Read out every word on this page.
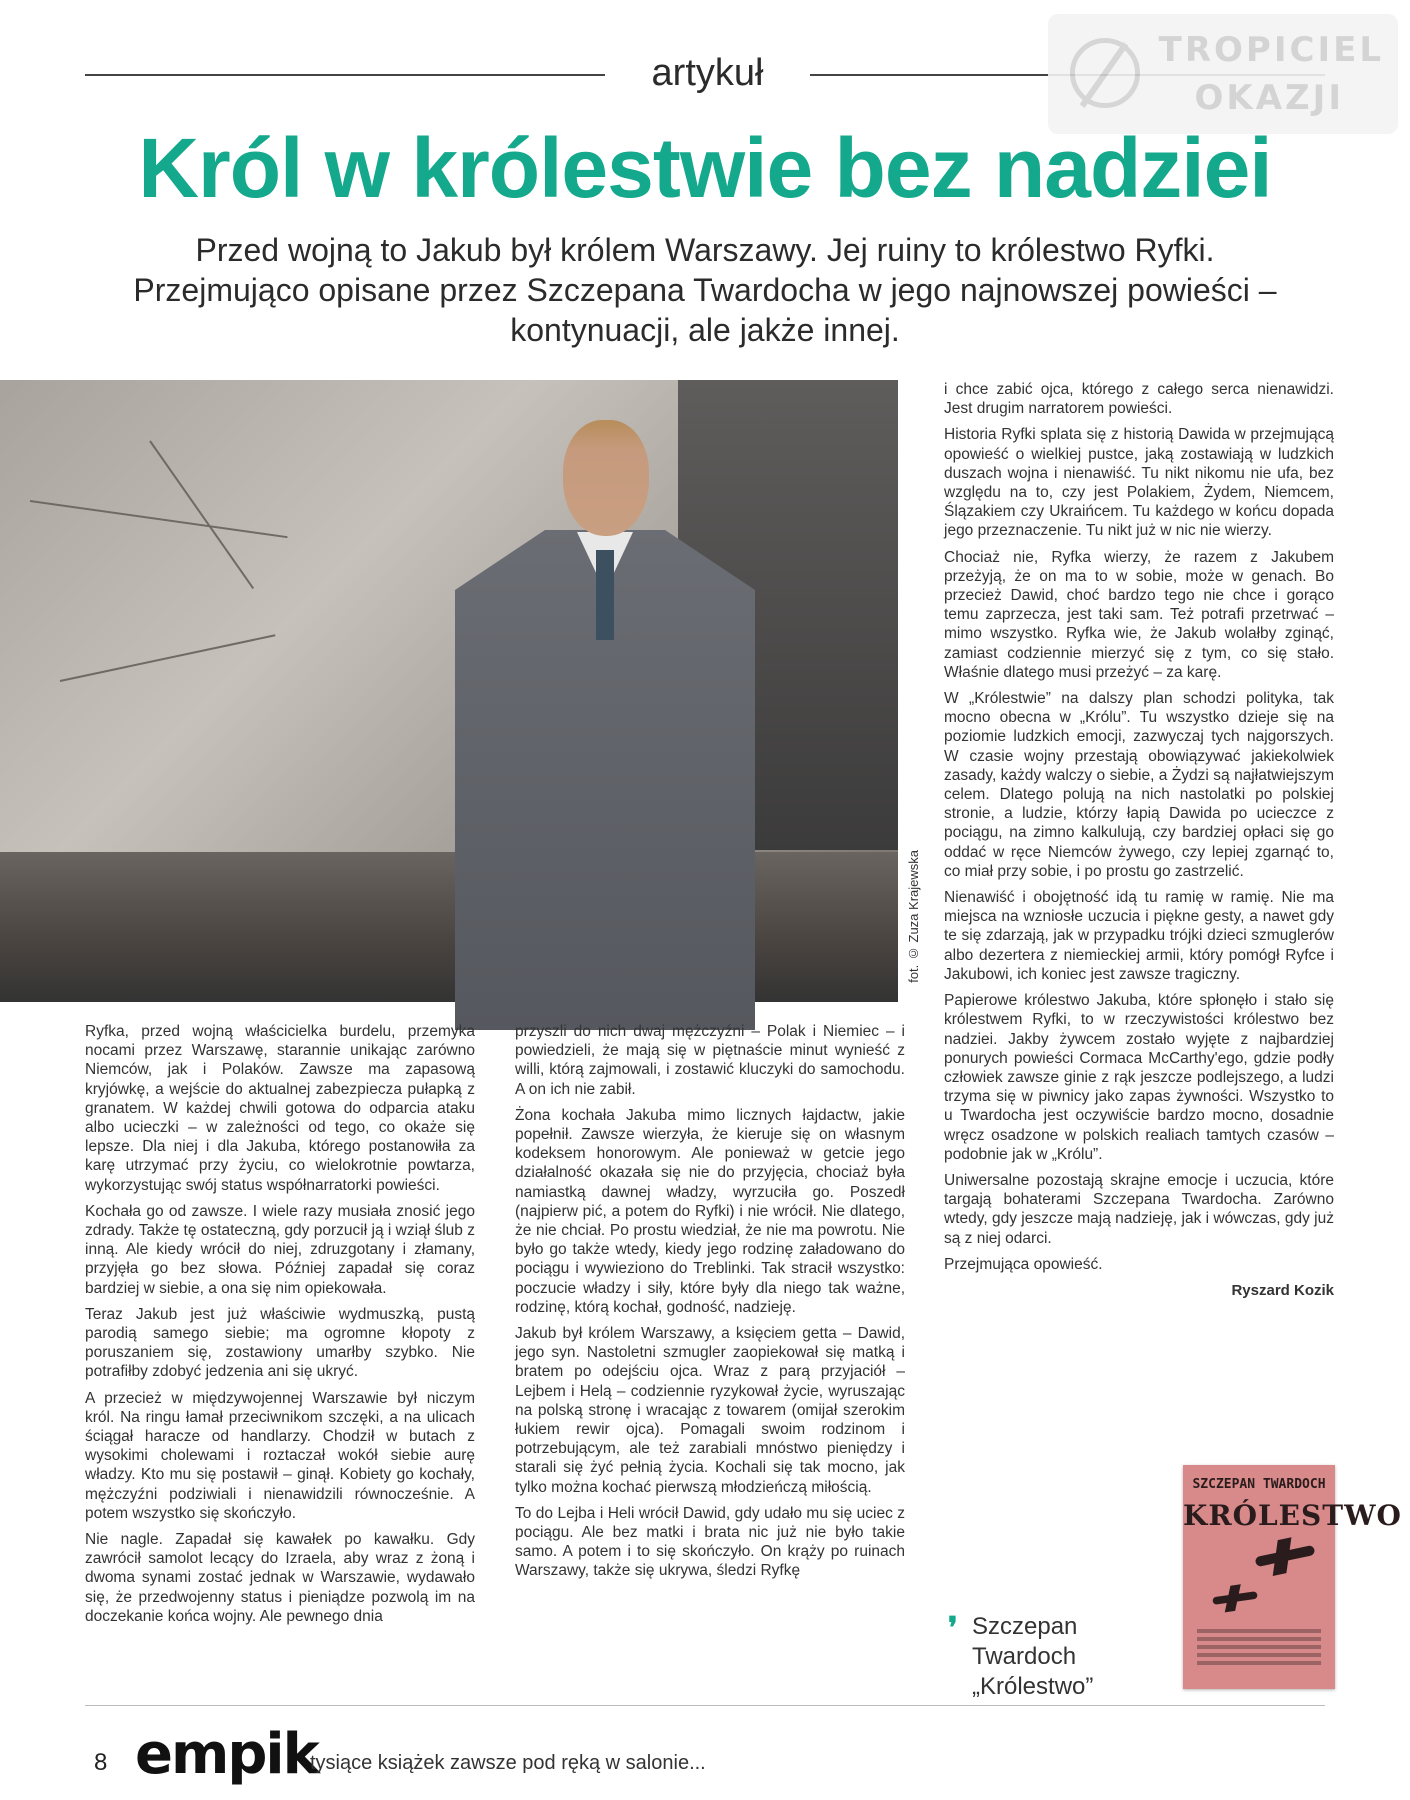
artykuł
TROPICIEL
OKAZJI
Król w królestwie bez nadziei

Przed wojną to Jakub był królem Warszawy. Jej ruiny to królestwo Ryfki. Przejmująco opisane przez Szczepana Twardocha w jego najnowszej powieści – kontynuacji, ale jakże innej.

fot. © Zuza Krajewska

Ryfka, przed wojną właścicielka burdelu, przemyka nocami przez Warszawę, starannie unikając zarówno Niemców, jak i Polaków. Zawsze ma zapasową kryjówkę, a wejście do aktualnej zabezpiecza pułapką z granatem. W każdej chwili gotowa do odparcia ataku albo ucieczki – w zależności od tego, co okaże się lepsze. Dla niej i dla Jakuba, którego postanowiła za karę utrzymać przy życiu, co wielokrotnie powtarza, wykorzystując swój status współnarratorki powieści.

Kochała go od zawsze. I wiele razy musiała znosić jego zdrady. Także tę ostateczną, gdy porzucił ją i wziął ślub z inną. Ale kiedy wrócił do niej, zdruzgotany i złamany, przyjęła go bez słowa. Później zapadał się coraz bardziej w siebie, a ona się nim opiekowała.

Teraz Jakub jest już właściwie wydmuszką, pustą parodią samego siebie; ma ogromne kłopoty z poruszaniem się, zostawiony umarłby szybko. Nie potrafiłby zdobyć jedzenia ani się ukryć.

A przecież w międzywojennej Warszawie był niczym król. Na ringu łamał przeciwnikom szczęki, a na ulicach ściągał haracze od handlarzy. Chodził w butach z wysokimi cholewami i roztaczał wokół siebie aurę władzy. Kto mu się postawił – ginął. Kobiety go kochały, mężczyźni podziwiali i nienawidzili równocześnie. A potem wszystko się skończyło.

Nie nagle. Zapadał się kawałek po kawałku. Gdy zawrócił samolot lecący do Izraela, aby wraz z żoną i dwoma synami zostać jednak w Warszawie, wydawało się, że przedwojenny status i pieniądze pozwolą im na doczekanie końca wojny. Ale pewnego dnia

przyszli do nich dwaj mężczyźni – Polak i Niemiec – i powiedzieli, że mają się w piętnaście minut wynieść z willi, którą zajmowali, i zostawić kluczyki do samochodu. A on ich nie zabił.

Żona kochała Jakuba mimo licznych łajdactw, jakie popełnił. Zawsze wierzyła, że kieruje się on własnym kodeksem honorowym. Ale ponieważ w getcie jego działalność okazała się nie do przyjęcia, chociaż była namiastką dawnej władzy, wyrzuciła go. Poszedł (najpierw pić, a potem do Ryfki) i nie wrócił. Nie dlatego, że nie chciał. Po prostu wiedział, że nie ma powrotu. Nie było go także wtedy, kiedy jego rodzinę załadowano do pociągu i wywieziono do Treblinki. Tak stracił wszystko: poczucie władzy i siły, które były dla niego tak ważne, rodzinę, którą kochał, godność, nadzieję.

Jakub był królem Warszawy, a księciem getta – Dawid, jego syn. Nastoletni szmugler zaopiekował się matką i bratem po odejściu ojca. Wraz z parą przyjaciół – Lejbem i Helą – codziennie ryzykował życie, wyruszając na polską stronę i wracając z towarem (omijał szerokim łukiem rewir ojca). Pomagali swoim rodzinom i potrzebującym, ale też zarabiali mnóstwo pieniędzy i starali się żyć pełnią życia. Kochali się tak mocno, jak tylko można kochać pierwszą młodzieńczą miłością.

To do Lejba i Heli wrócił Dawid, gdy udało mu się uciec z pociągu. Ale bez matki i brata nic już nie było takie samo. A potem i to się skończyło. On krąży po ruinach Warszawy, także się ukrywa, śledzi Ryfkę

i chce zabić ojca, którego z całego serca nienawidzi. Jest drugim narratorem powieści.

Historia Ryfki splata się z historią Dawida w przejmującą opowieść o wielkiej pustce, jaką zostawiają w ludzkich duszach wojna i nienawiść. Tu nikt nikomu nie ufa, bez względu na to, czy jest Polakiem, Żydem, Niemcem, Ślązakiem czy Ukraińcem. Tu każdego w końcu dopada jego przeznaczenie. Tu nikt już w nic nie wierzy.

Chociaż nie, Ryfka wierzy, że razem z Jakubem przeżyją, że on ma to w sobie, może w genach. Bo przecież Dawid, choć bardzo tego nie chce i gorąco temu zaprzecza, jest taki sam. Też potrafi przetrwać – mimo wszystko. Ryfka wie, że Jakub wolałby zginąć, zamiast codziennie mierzyć się z tym, co się stało. Właśnie dlatego musi przeżyć – za karę.

W „Królestwie” na dalszy plan schodzi polityka, tak mocno obecna w „Królu”. Tu wszystko dzieje się na poziomie ludzkich emocji, zazwyczaj tych najgorszych. W czasie wojny przestają obowiązywać jakiekolwiek zasady, każdy walczy o siebie, a Żydzi są najłatwiejszym celem. Dlatego polują na nich nastolatki po polskiej stronie, a ludzie, którzy łapią Dawida po ucieczce z pociągu, na zimno kalkulują, czy bardziej opłaci się go oddać w ręce Niemców żywego, czy lepiej zgarnąć to, co miał przy sobie, i po prostu go zastrzelić.

Nienawiść i obojętność idą tu ramię w ramię. Nie ma miejsca na wzniosłe uczucia i piękne gesty, a nawet gdy te się zdarzają, jak w przypadku trójki dzieci szmuglerów albo dezertera z niemieckiej armii, który pomógł Ryfce i Jakubowi, ich koniec jest zawsze tragiczny.

Papierowe królestwo Jakuba, które spłonęło i stało się królestwem Ryfki, to w rzeczywistości królestwo bez nadziei. Jakby żywcem zostało wyjęte z najbardziej ponurych powieści Cormaca McCarthy'ego, gdzie podły człowiek zawsze ginie z rąk jeszcze podlejszego, a ludzi trzyma się w piwnicy jako zapas żywności. Wszystko to u Twardocha jest oczywiście bardzo mocno, dosadnie wręcz osadzone w polskich realiach tamtych czasów – podobnie jak w „Królu”.

Uniwersalne pozostają skrajne emocje i uczucia, które targają bohaterami Szczepana Twardocha. Zarówno wtedy, gdy jeszcze mają nadzieję, jak i wówczas, gdy już są z niej odarci.

Przejmująca opowieść.

Ryszard Kozik
❜ Szczepan
Twardoch
„Królestwo”
SZCZEPAN TWARDOCH
KRÓLESTWO
8 empik
tysiące książek zawsze pod ręką w salonie...
